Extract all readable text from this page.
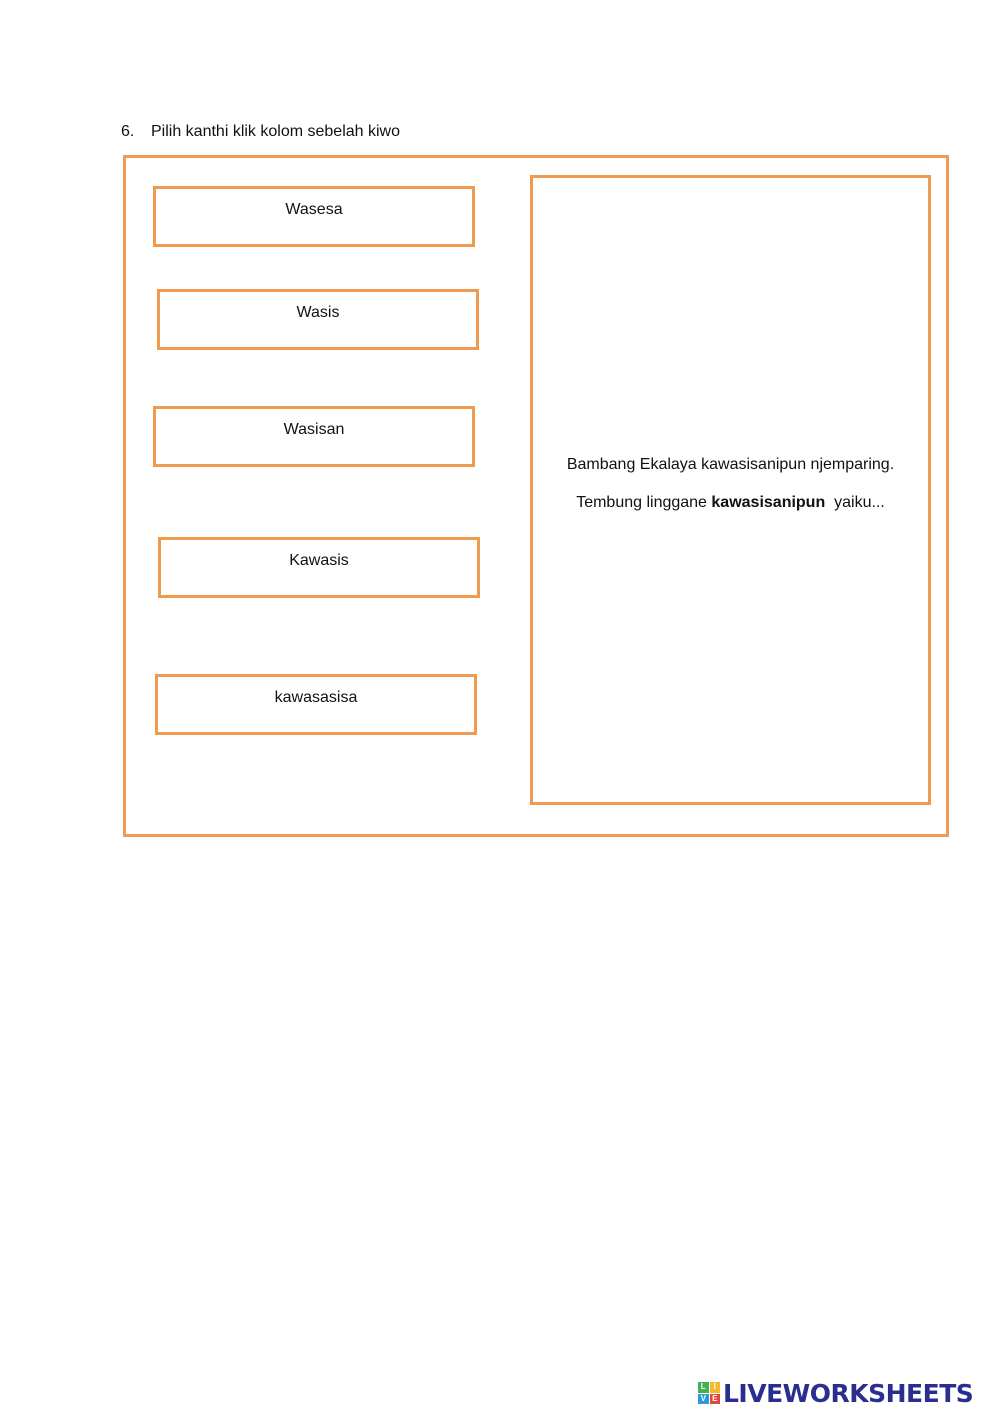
6. Pilih kanthi klik kolom sebelah kiwo
Wasesa
Wasis
Wasisan
Kawasis
kawasasisa
Bambang Ekalaya kawasisanipun njemparing.
Tembung linggane kawasisanipun  yaiku...
L I
V E LIVEWORKSHEETS
